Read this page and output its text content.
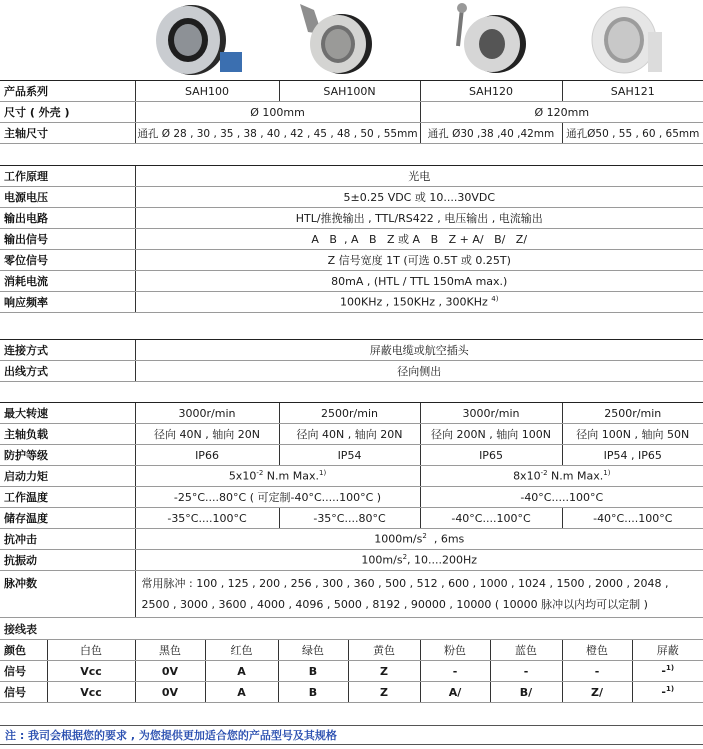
产品系列	SAH100	SAH100N	SAH120	SAH121
尺寸 ( 外壳 )	Ø 100mm		Ø 120mm	
主轴尺寸	通孔 Ø 28 , 30 , 35 , 38 , 40 , 42 , 45 , 48 , 50 , 55mm		通孔 Ø30 ,38 ,40 ,42mm	通孔Ø50 , 55 , 60 , 65mm
工作原理	光电
电源电压	5±0.25 VDC 或 10....30VDC
输出电路	HTL/推挽输出 , TTL/RS422 , 电压输出 , 电流输出
输出信号	A   B  , A   B   Z 或 A   B   Z + A/   B/   Z/
零位信号	Z 信号宽度 1T (可选 0.5T 或 0.25T)
消耗电流	80mA , (HTL / TTL 150mA max.)
响应频率	100KHz , 150KHz , 300KHz $^{4)}$
连接方式	屏蔽电缆或航空插头
出线方式	径向侧出
最大转速	3000r/min	2500r/min	3000r/min	2500r/min
主轴负载	径向 40N , 轴向 20N	径向 40N , 轴向 20N	径向 200N , 轴向 100N	径向 100N , 轴向 50N
防护等级	IP66	IP54	IP65	IP54 , IP65
启动力矩	$5x10^{-2}$ N.m Max.$^{1)}$		$8x10^{-2}$ N.m Max.$^{1)}$
工作温度	-25°C....80°C ( 可定制-40°C.....100°C )		-40°C.....100°C	
储存温度	-35°C....100°C	-35°C....80°C	-40°C....100°C	-40°C....100°C
抗冲击	$1000m/s^2$  , 6ms			
抗振动	$100m/s^2$, 10....200Hz			
脉冲数	常用脉冲 : 100 , 125 , 200 , 256 , 300 , 360 , 500 , 512 , 600 , 1000 , 1024 , 1500 , 2000 , 2048 , 2500 , 3000 , 3600 , 4000 , 4096 , 5000 , 8192 , 90000 , 10000 ( 10000 脉冲以内均可以定制 )			
接线表
颜色	白色	黑色	红色	绿色	黄色	粉色	蓝色	橙色	屏蔽
信号	Vcc	0V	A	B	Z	-	-	-	-$^{1)}$
信号	Vcc	0V	A	B	Z	A/	B/	Z/	-$^{1)}$
注 : 我司会根据您的要求 , 为您提供更加适合您的产品型号及其规格
